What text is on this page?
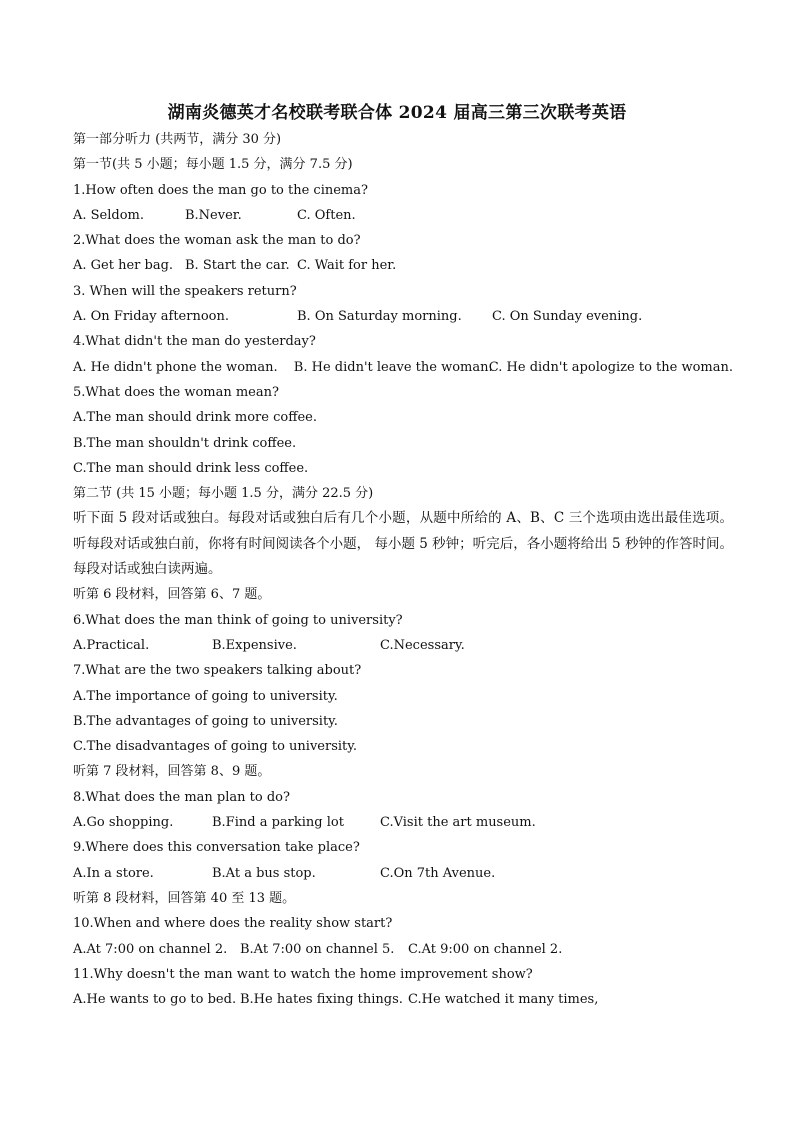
湖南炎德英才名校联考联合体 2024 届高三第三次联考英语
第一部分听力 (共两节，满分 30 分)
第一节(共 5 小题；每小题 1.5 分，满分 7.5 分)
1.How often does the man go to the cinema?
A. Seldom.	B.Never.	C. Often.
2.What does the woman ask the man to do?
A. Get her bag. B. Start the car. C. Wait for her.
3. When will the speakers return?
A. On Friday afternoon.	B. On Saturday morning.	C. On Sunday evening.
4.What didn't the man do yesterday?
A. He didn't phone the woman.	B. He didn't leave the woman.
C. He didn't apologize to the woman.
5.What does the woman mean?
A.The man should drink more coffee.
B.The man shouldn't drink coffee.
C.The man should drink less coffee.
第二节 (共 15 小题；每小题 1.5 分，满分 22.5 分)
听下面 5 段对话或独白。每段对话或独白后有几个小题，从题中所给的 A、B、C 三个选项由选出最佳选项。听每段对话或独白前，你将有时间阅读各个小题， 每小题 5 秒钟；听完后，各小题将给出 5 秒钟的作答时间。每段对话或独白读两遍。
听第 6 段材料，回答第 6、7 题。
6.What does the man think of going to university?
A.Practical.	B.Expensive.	C.Necessary.
7.What are the two speakers talking about?
A.The importance of going to university.
B.The advantages of going to university.
C.The disadvantages of going to university.
听第 7 段材料，回答第 8、9 题。
8.What does the man plan to do?
A.Go shopping.	B.Find a parking lot	C.Visit the art museum.
9.Where does this conversation take place?
A.In a store.	B.At a bus stop.	C.On 7th Avenue.
听第 8 段材料，回答第 40 至 13 题。
10.When and where does the reality show start?
A.At 7:00 on channel 2. B.At 7:00 on channel 5.	C.At 9:00 on channel 2.
11.Why doesn't the man want to watch the home improvement show?
A.He wants to go to bed. B.He hates fixing things. C.He watched it many times,
